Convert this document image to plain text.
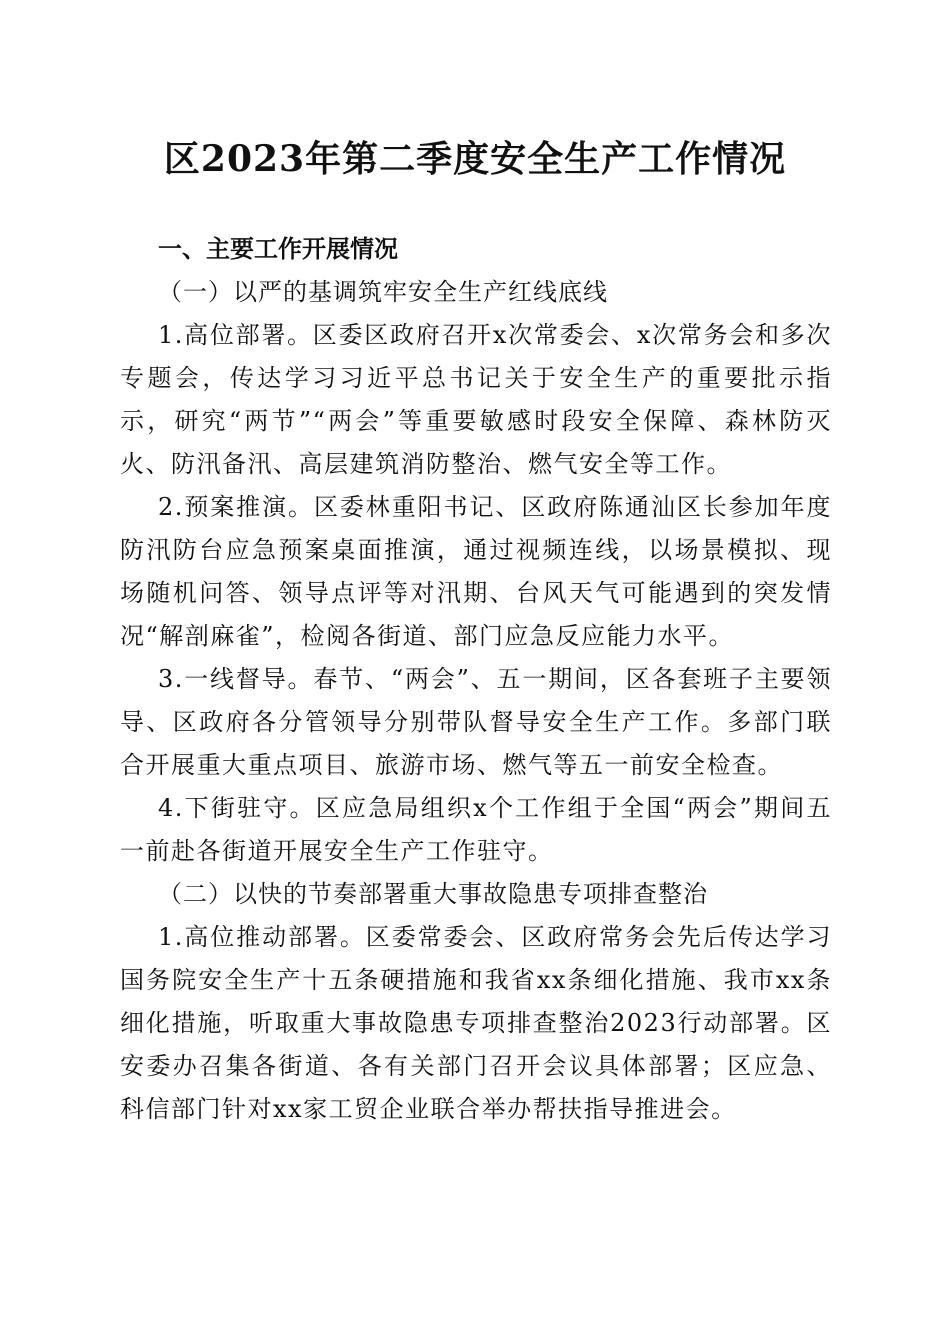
区2023年第二季度安全生产工作情况

一、主要工作开展情况

（一）以严的基调筑牢安全生产红线底线

1.高位部署。区委区政府召开x次常委会、x次常务会和多次专题会，传达学习习近平总书记关于安全生产的重要批示指示，研究“两节”“两会”等重要敏感时段安全保障、森林防灭火、防汛备汛、高层建筑消防整治、燃气安全等工作。

2.预案推演。区委林重阳书记、区政府陈通汕区长参加年度防汛防台应急预案桌面推演，通过视频连线，以场景模拟、现场随机问答、领导点评等对汛期、台风天气可能遇到的突发情况“解剖麻雀”，检阅各街道、部门应急反应能力水平。

3.一线督导。春节、“两会”、五一期间，区各套班子主要领导、区政府各分管领导分别带队督导安全生产工作。多部门联合开展重大重点项目、旅游市场、燃气等五一前安全检查。

4.下街驻守。区应急局组织x个工作组于全国“两会”期间五一前赴各街道开展安全生产工作驻守。

（二）以快的节奏部署重大事故隐患专项排查整治

1.高位推动部署。区委常委会、区政府常务会先后传达学习国务院安全生产十五条硬措施和我省xx条细化措施、我市xx条细化措施，听取重大事故隐患专项排查整治2023行动部署。区安委办召集各街道、各有关部门召开会议具体部署；区应急、科信部门针对xx家工贸企业联合举办帮扶指导推进会。
